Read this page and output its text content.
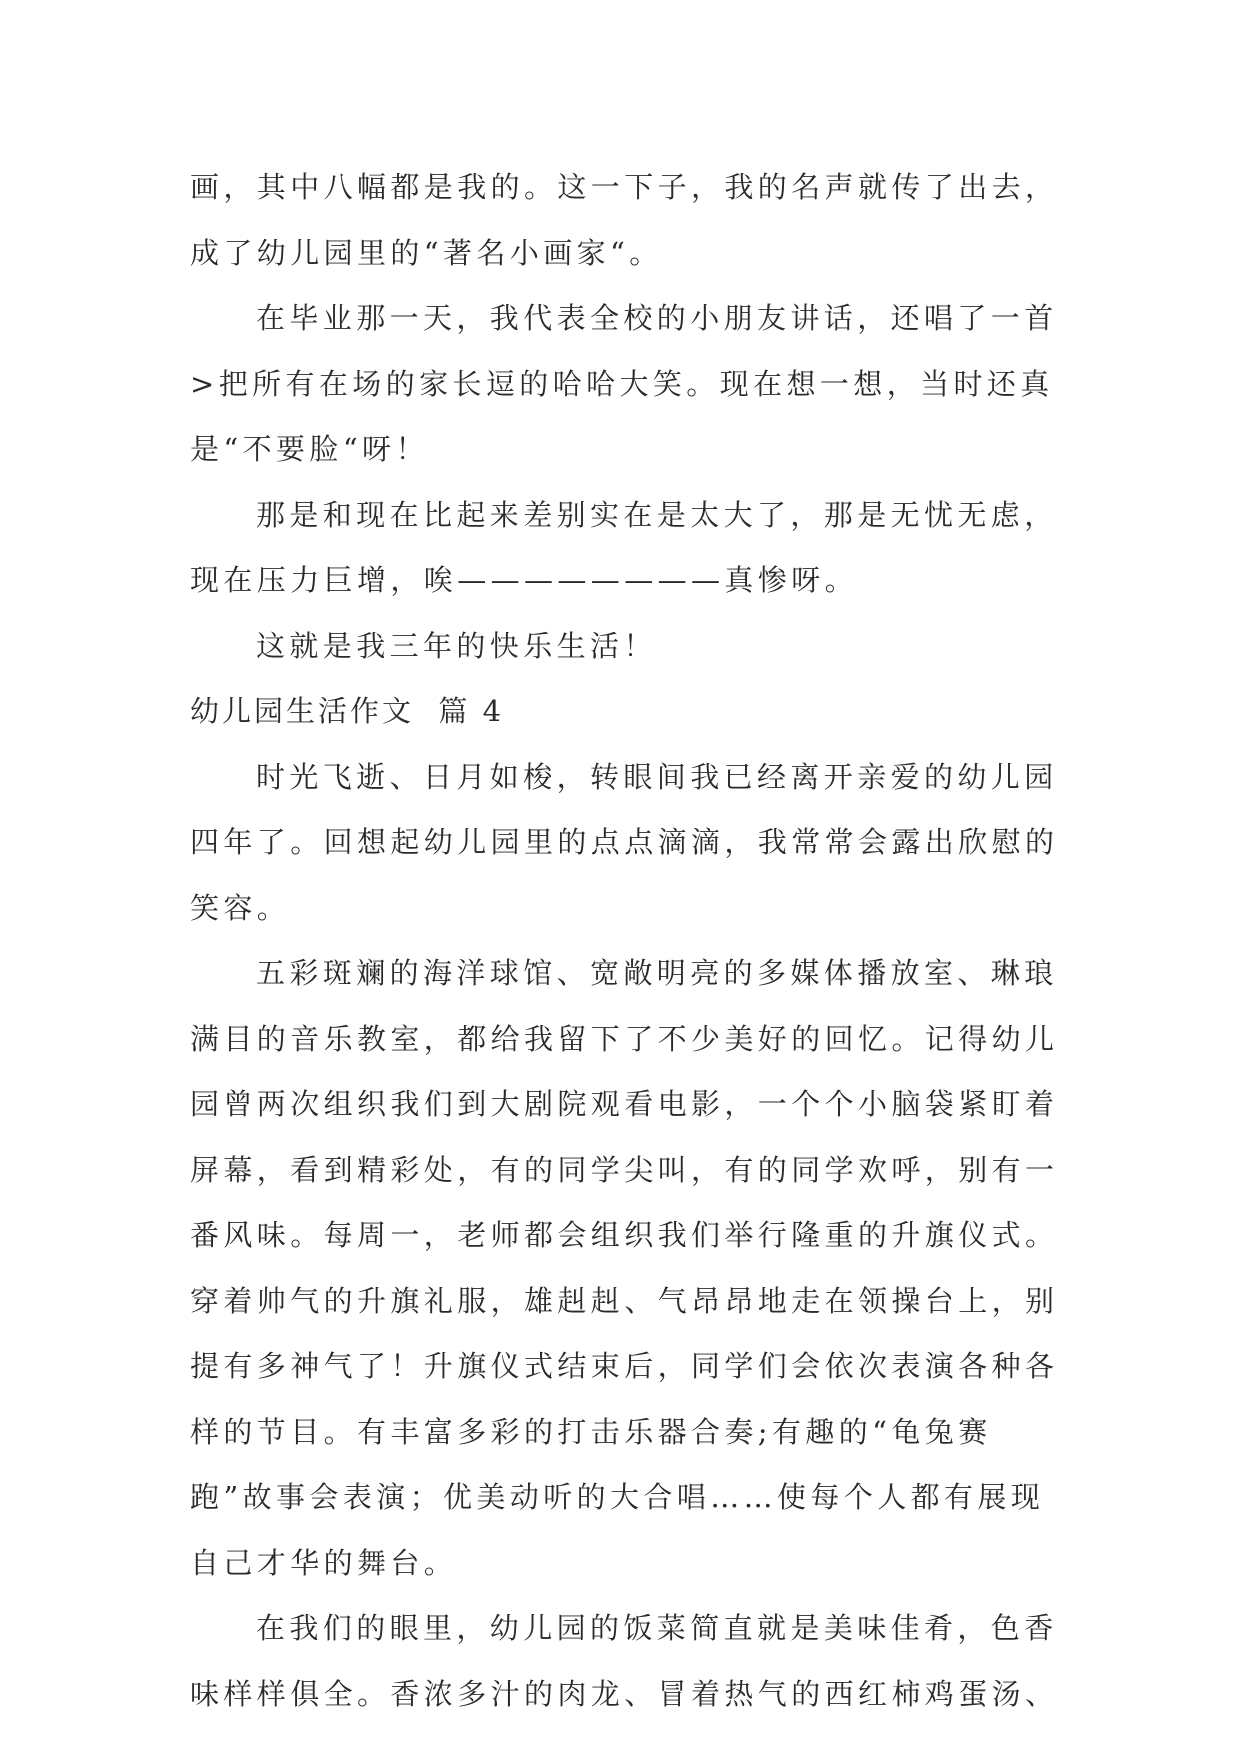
画，其中八幅都是我的。这一下子，我的名声就传了出去，成了幼儿园里的“著名小画家“。

在毕业那一天，我代表全校的小朋友讲话，还唱了一首>把所有在场的家长逗的哈哈大笑。现在想一想，当时还真是“不要脸“呀！

那是和现在比起来差别实在是太大了，那是无忧无虑，现在压力巨增，唉————————真惨呀。

这就是我三年的快乐生活！

幼儿园生活作文  篇 4

时光飞逝、日月如梭，转眼间我已经离开亲爱的幼儿园四年了。回想起幼儿园里的点点滴滴，我常常会露出欣慰的笑容。

五彩斑斓的海洋球馆、宽敞明亮的多媒体播放室、琳琅满目的音乐教室，都给我留下了不少美好的回忆。记得幼儿园曾两次组织我们到大剧院观看电影，一个个小脑袋紧盯着屏幕，看到精彩处，有的同学尖叫，有的同学欢呼，别有一番风味。每周一，老师都会组织我们举行隆重的升旗仪式。穿着帅气的升旗礼服，雄赳赳、气昂昂地走在领操台上，别提有多神气了！升旗仪式结束后，同学们会依次表演各种各样的节目。有丰富多彩的打击乐器合奏;有趣的“龟兔赛跑”故事会表演；优美动听的大合唱……使每个人都有展现自己才华的舞台。

在我们的眼里，幼儿园的饭菜简直就是美味佳肴，色香味样样俱全。香浓多汁的肉龙、冒着热气的西红柿鸡蛋汤、
